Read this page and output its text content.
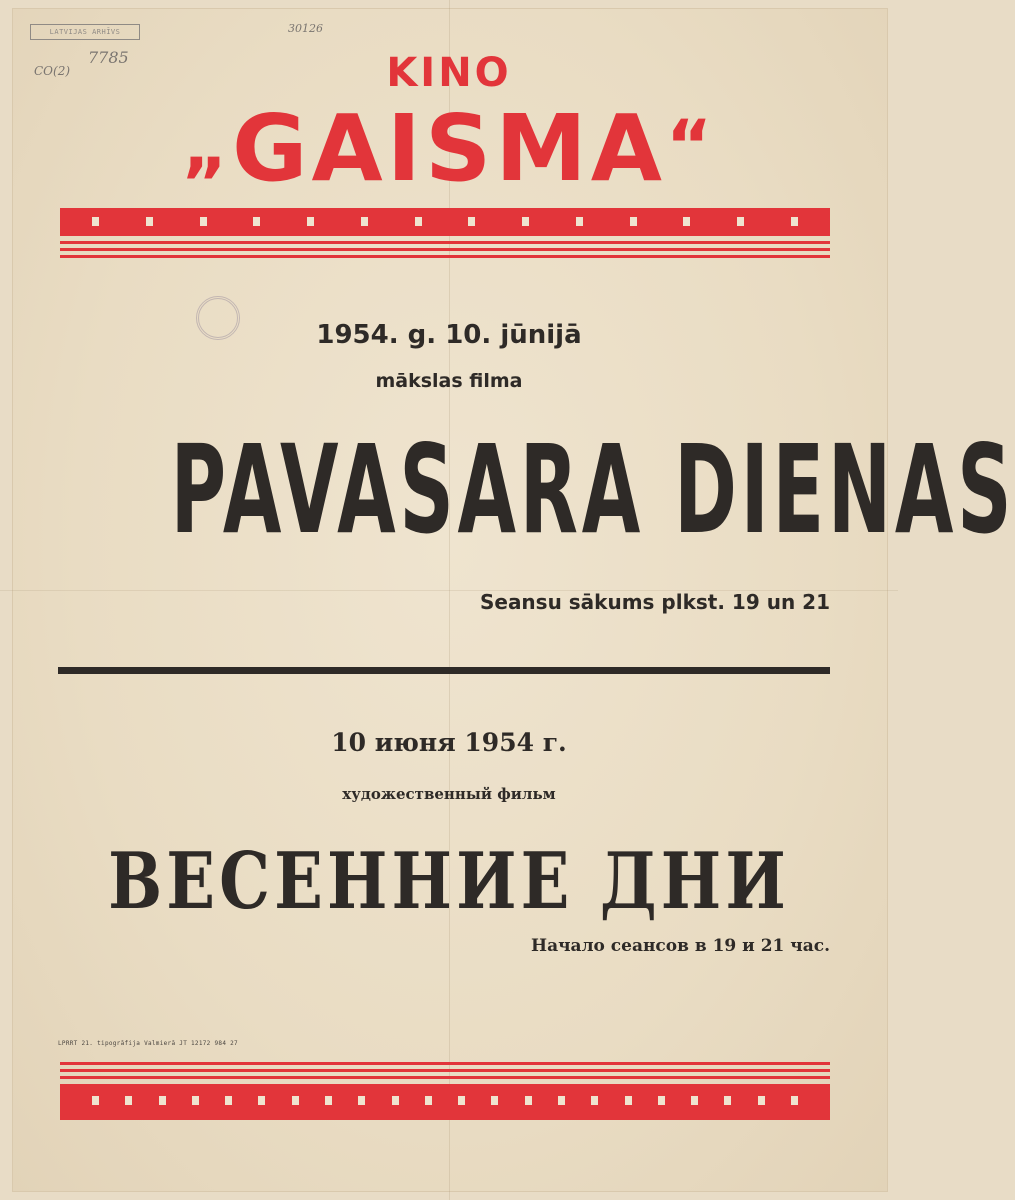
LATVIJAS ARHĪVS
7785
CO(2)
30126
KINO
„GAISMA“
1954. g. 10. jūnijā
mākslas filma
PAVASARA DIENAS
Seansu sākums plkst. 19 un 21
10 июня 1954 г.
художественный фильм
ВЕСЕННИЕ ДНИ
Начало сеансов в 19 и 21 час.
LPRRT 21. tipogrāfija Valmierā JT 12172 984 27
